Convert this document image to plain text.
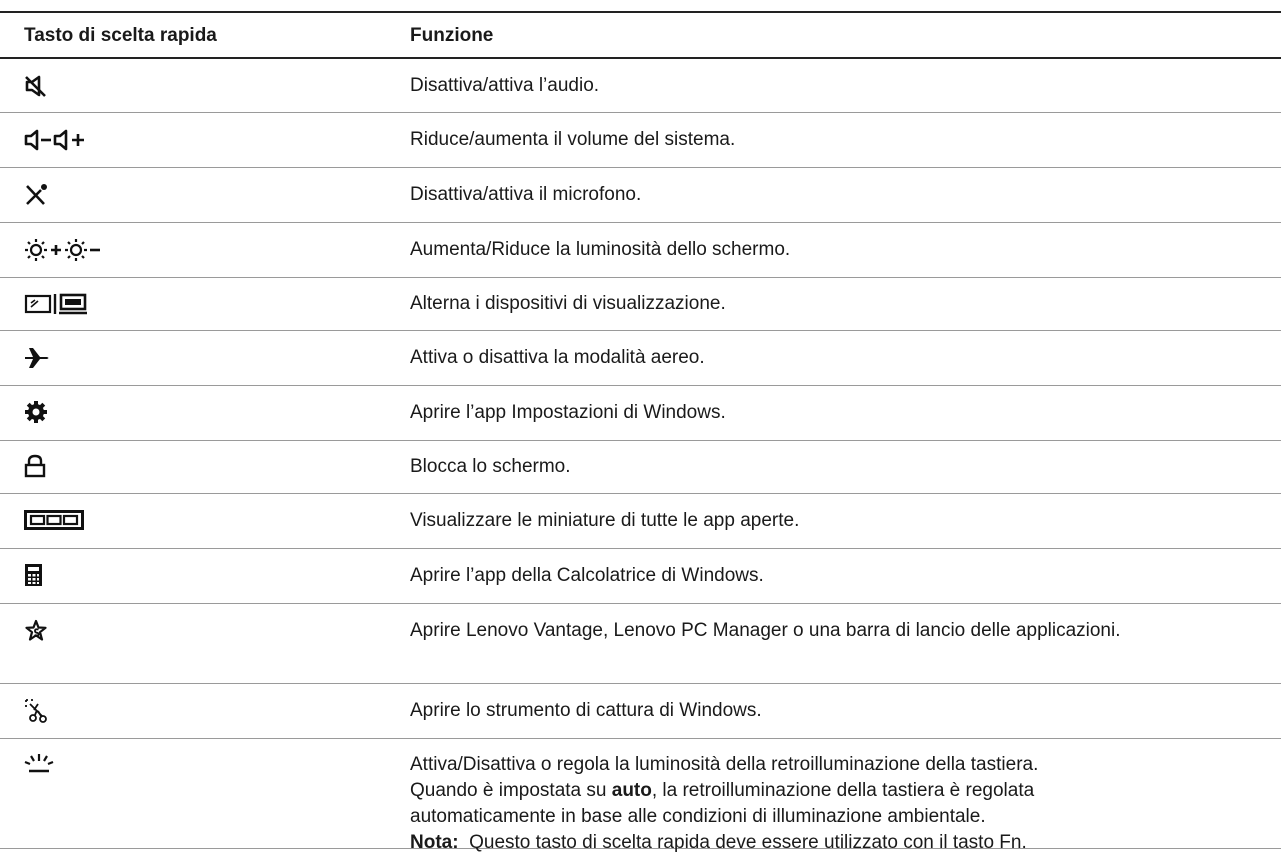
Tasto di scelta rapida	Funzione
Disattiva/attiva l’audio.
Riduce/aumenta il volume del sistema.
Disattiva/attiva il microfono.
Aumenta/Riduce la luminosità dello schermo.
Alterna i dispositivi di visualizzazione.
Attiva o disattiva la modalità aereo.
Aprire l’app Impostazioni di Windows.
Blocca lo schermo.
Visualizzare le miniature di tutte le app aperte.
Aprire l’app della Calcolatrice di Windows.
Aprire Lenovo Vantage, Lenovo PC Manager o una barra di lancio delle applicazioni.
Aprire lo strumento di cattura di Windows.
Attiva/Disattiva o regola la luminosità della retroilluminazione della tastiera.
Quando è impostata su auto, la retroilluminazione della tastiera è regolata
automaticamente in base alle condizioni di illuminazione ambientale.
Nota:  Questo tasto di scelta rapida deve essere utilizzato con il tasto Fn.
